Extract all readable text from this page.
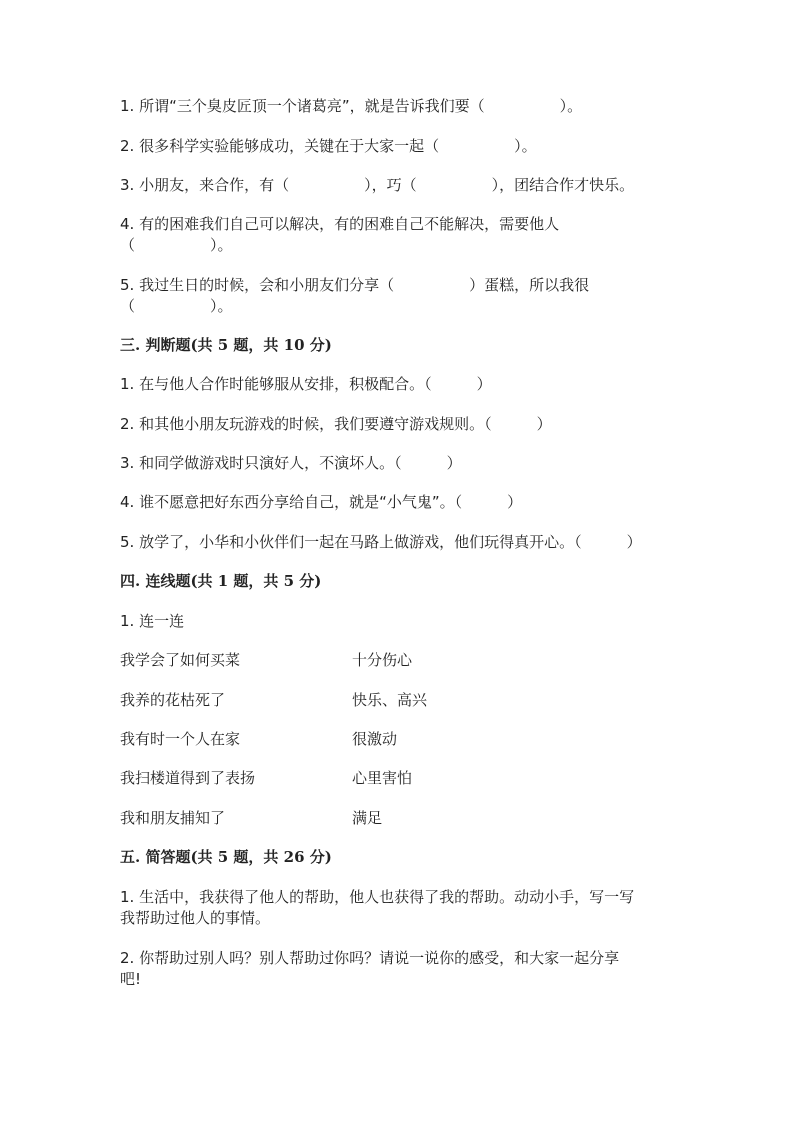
1. 所谓“三个臭皮匠顶一个诸葛亮”，就是告诉我们要（　　　　　）。
2. 很多科学实验能够成功，关键在于大家一起（　　　　　）。
3. 小朋友，来合作，有（　　　　　），巧（　　　　　），团结合作才快乐。
4. 有的困难我们自己可以解决，有的困难自己不能解决，需要他人
（　　　　　）。
5. 我过生日的时候，会和小朋友们分享（　　　　　）蛋糕，所以我很
（　　　　　）。
三. 判断题(共 5 题，共 10 分)
1. 在与他人合作时能够服从安排，积极配合。（　　　）
2. 和其他小朋友玩游戏的时候，我们要遵守游戏规则。（　　　）
3. 和同学做游戏时只演好人，不演坏人。（　　　）
4. 谁不愿意把好东西分享给自己，就是“小气鬼”。（　　　）
5. 放学了，小华和小伙伴们一起在马路上做游戏，他们玩得真开心。（　　　）
四. 连线题(共 1 题，共 5 分)
1. 连一连
我学会了如何买菜	十分伤心
我养的花枯死了	快乐、高兴
我有时一个人在家	很激动
我扫楼道得到了表扬	心里害怕
我和朋友捕知了	满足
五. 简答题(共 5 题，共 26 分)
1. 生活中，我获得了他人的帮助，他人也获得了我的帮助。动动小手，写一写
我帮助过他人的事情。
2. 你帮助过别人吗？别人帮助过你吗？请说一说你的感受，和大家一起分享
吧!
